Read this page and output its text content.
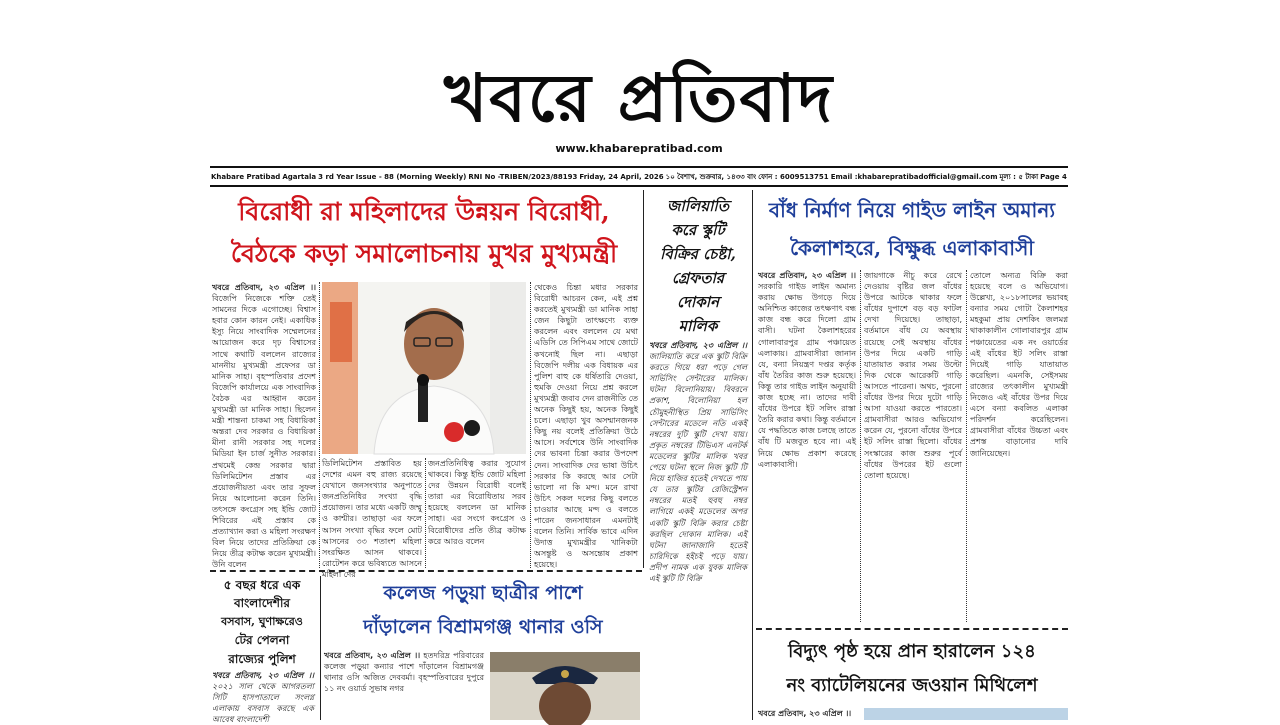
খবরে প্রতিবাদ
www.khabarepratibad.com
Khabare Pratibad Agartala 3 rd Year Issue - 88 (Morning Weekly) RNI No -TRIBEN/2023/88193 Friday, 24 April, 2026 ১০ বৈশাখ, শুক্রবার, ১৪৩৩ বাং ফোন : 6009513751 Email :khabarepratibadofficial@gmail.com মূল্য : ৫ টাকা Page 4
বিরোধী রা মহিলাদের উন্নয়ন বিরোধী,
বৈঠকে কড়া সমালোচনায় মুখর মুখ্যমন্ত্রী
খবরে প্রতিবাদ, ২৩ এপ্রিল ।। বিজেপি নিজেকে শক্তি তেই সামনের দিকে এগোচ্ছে। বিশ্বাস হবার কোন কারন নেই। একাধিক ইস্যু নিয়ে সাংবাদিক সম্মেলনের আয়োজন করে দৃঢ় বিশ্বাসের সাথে কথাটি বললেন রাজ্যের মাননীয় মুখ্যমন্ত্রী প্রফেসর ডা মানিক সাহা। বৃহস্পতিবার প্রদেশ বিজেপি কার্যালয়ে এক সাংবাদিক বৈঠক এর আহ্বান করেন মুখ্যমন্ত্রী ডা মানিক সাহা। ছিলেন মন্ত্রী শান্তনা চাকমা সহ বিধায়িকা অন্তরা দেব সরকার ও বিধায়িকা মীনা রানী সরকার সহ দলের মিডিয়া ইন চার্জ সুনীত সরকার। প্রথমেই কেন্দ্র সরকার দ্বারা ডিলিমিটেশন প্রস্তাব এর প্রয়োজনীয়তা এবং তার সুফল নিয়ে আলোচনা করেন তিনি। তৎসঙ্গে কংগ্রেস সহ ইন্ডি জোট শিবিরের এই প্রস্তাব কে প্রত্যাখ্যান করা ও মহিলা সংরক্ষণ বিল নিয়ে তাদের প্রতিক্রিয়া কে নিয়ে তীব্র কটাক্ষ করেন মুখ্যমন্ত্রী। উনি বলেন
ডিলিমিটেশন প্রস্তাবিত হয় দেশের এমন বহু রাজ্য রয়েছে যেখানে জনসংখ্যার অনুপাতে জনপ্রতিনিধির সংখ্যা বৃদ্ধি প্রয়োজন। তার মধ্যে একটি জম্মু ও কাশ্মীর। তাছাড়া এর ফলে আসন সংখ্যা বৃদ্ধির ফলে মোট আসনের ৩৩ শতাংশ মহিলা সংরক্ষিত আসন থাকবে। রোটেশন করে ভবিষ্যতে আসনে মহিলা দের
জনপ্রতিনিধিত্ব করার সুযোগ থাকবে। কিন্তু ইন্ডি জোট মহিলা দের উন্নয়ন বিরোধী বলেই তারা এর বিরোধিতায় সরব হয়েছে বললেন ডা মানিক সাহা। এর সংগে কংগ্রেস ও বিরোধীদের প্রতি তীব্র কটাক্ষ করে আরও বলেন
থেকেও চিন্তা মধার সরকার বিরোধী আচরন কেন, এই প্রশ্ন করতেই মুখ্যমন্ত্রী ডা মানিক সাহা জেন কিছুটা তাৎক্ষণ্যে ব্যক্ত করলেন এবং বললেন যে মথা এডিসি তে সিপিএম সাথে জোটে কখনোই ছিল না। এছাড়া বিজেপি দলীয় এক বিধায়ক এর পুলিশ বাহু কে ধর্ষিতারি দেওয়া, হুমকি দেওয়া নিয়ে প্রশ্ন করলে মুখ্যমন্ত্রী জবাব দেন রাজনীতি তে অনেক কিছুই হয়, অনেক কিছুই চলে। এছাড়া খুব অসম্মানজনক কিছু নয় বলেই প্রতিক্রিয়া উঠে আসে। সর্বশেষে উনি সাংবাদিক দের ভাবনা চিন্তা করার উপদেশ দেন। সাংবাদিক দের ভাষা উচিৎ সরকার কি করছে আর সেটা ভালো না কি মন্দ। মনে রাখা উচিৎ সকল দলের কিছু বলতে চাওয়ার আছে মন্দ ও বলতে পারেন জনসাধারন এমনটাই বলেন তিনি। সার্বিক ভাবে এদিন উদাত্ত মুখ্যমন্ত্রীর খানিকটা অসন্তুষ্ট ও অসন্তোষ প্রকাশ হয়েছে।
জালিয়াতি
করে স্কুটি
বিক্রির চেষ্টা,
গ্রেফতার
দোকান
মালিক
খবরে প্রতিবাদ, ২৩ এপ্রিল ।। জালিয়াতি করে এক স্কুটি বিক্রি করতে গিয়ে ধরা পড়ে গেল সার্ভিসিং সেন্টারের মালিক। ঘটনা বিলোনিয়ায়। বিবরনে প্রকাশ, বিলোনিয়া হল চৌমুহনীস্থিত প্রিয় সার্ভিসিং সেন্টারের মডেলে নতি একই নম্বরের দুটি স্কুটি দেখা যায়। প্রকৃত নম্বরের টিভিএস এনটর্ক মডেলের স্কুটির মালিক খবর পেয়ে ঘটনা স্থলে নিজ স্কুটি টি নিয়ে হাজির হতেই দেখতে পায় যে তার স্কুটির রেজিস্ট্রেশন নম্বরের মতই হুবহু নম্বর লাগিয়ে একই মডেলের অপর একটি স্কুটি বিক্রি করার চেষ্টা করছিল দোকান মালিক। এই ঘটনা জানাজানি হতেই চারিদিকে হইচই পড়ে যায়। প্রদীপ নামক এক যুবক মালিক এই স্কুটি টি বিক্রি
বাঁধ নির্মাণ নিয়ে গাইড লাইন অমান্য
কৈলাশহরে, বিক্ষুব্ধ এলাকাবাসী
খবরে প্রতিবাদ, ২৩ এপ্রিল ।। সরকারি গাইড লাইন অমান্য করায় ক্ষোভ উগড়ে দিয়ে অনিশ্চিত কাজের তৎক্ষণাৎ বন্ধ কাজ বন্ধ করে দিলো গ্রাম বাসী। ঘটনা কৈলাশহরের গোলাবারপুর গ্রাম পঞ্চায়েত এলাকায়। গ্রামবাসীরা জানান যে, বন্যা নিয়ন্ত্রণ দপ্তর কর্তৃক বাঁধ তৈরির কাজ শুরু হয়েছে। কিন্তু তার গাইড লাইন অনুযায়ী কাজ হচ্ছে না। তাদের দাবী বাঁধের উপরে ইট সলিং রাস্তা তৈরি করার কথা। কিন্তু বর্তমানে যে পদ্ধতিতে কাজ চলছে তাতে বাঁধ টি মজবুত হবে না। এই নিয়ে ক্ষোভ প্রকাশ করেছে এলাকাবাসী।
জায়গাকে নীচু করে রেখে দেওয়ায় বৃষ্টির জল বাঁধের উপরে আটকে থাকার ফলে বাঁধের দুপাশে বড় বড় ফাটল দেখা দিয়েছে। তাছাড়া, বর্তমানে বাঁধ যে অবস্থায় রয়েছে সেই অবস্থায় বাঁধের উপর দিয়ে একটি গাড়ি যাতায়াত করার সময় উল্টো দিক থেকে আরেকটি গাড়ি আসতে পারেনা। অথচ, পুরনো বাঁধের উপর দিয়ে দুটো গাড়ি আসা যাওয়া করতে পারতো। গ্রামবাসীরা আরও অভিযোগ করেন যে, পুরনো বাঁধের উপরে ইট সলিং রাস্তা ছিলো। বাঁধের সংস্কারের কাজ শুরুর পূর্বে বাঁধের উপরের ইট গুলো তোলা হয়েছে।
তোলে অন্যত্র বিক্রি করা হয়েছে বলে ও অভিযোগ। উল্লেখ্য, ২০১৮সালের ভয়াবহ বন্যার সময় গোটা কৈলাশহর মহকুমা প্রায় দেশকিং জলমগ্ন থাকাকালীন গোলাবারপুর গ্রাম পঞ্চায়েতের এক নং ওয়ার্ডের এই বাঁধের ইট সলিং রাস্তা দিয়েই গাড়ি যাতায়াত করেছিল। এমনকি, সেইসময় রাজ্যের তৎকালীন মুখ্যমন্ত্রী নিজেও এই বাঁধের উপর দিয়ে এসে বন্যা কবলিত এলাকা পরিদর্শন করেছিলেন। গ্রামবাসীরা বাঁধের উচ্চতা এবং প্রশস্ত বাড়ানোর দাবি জানিয়েছেন।
৫ বছর ধরে এক
বাংলাদেশীর
বসবাস, ঘুণাক্ষরেও
টের পেলনা
রাজ্যের পুলিশ
খবরে প্রতিবাদ, ২৩ এপ্রিল ।। ২০২১ সাল থেকে আগরতলা সিটি হাসপাতালে সংলগ্ন এলাকায় বসবাস করছে এক আবেধ বাংলাদেশী
কলেজ পড়ুয়া ছাত্রীর পাশে
দাঁড়ালেন বিশ্রামগঞ্জ থানার ওসি
খবরে প্রতিবাদ, ২৩ এপ্রিল ।। হতদরিদ্র পরিবারের কলেজ পড়ুয়া কন্যার পাশে দাঁড়ালেন বিশ্রামগঞ্জ থানার ওসি অজিত দেববর্মা। বৃহস্পতিবারের দুপুরে ১১ নং ওয়ার্ড সুভাষ নগর
বিদ্যুৎ পৃষ্ঠ হয়ে প্রান হারালেন ১২৪
নং ব্যাটেলিয়নের জওয়ান মিথিলেশ
খবরে প্রতিবাদ, ২৩ এপ্রিল ।।
